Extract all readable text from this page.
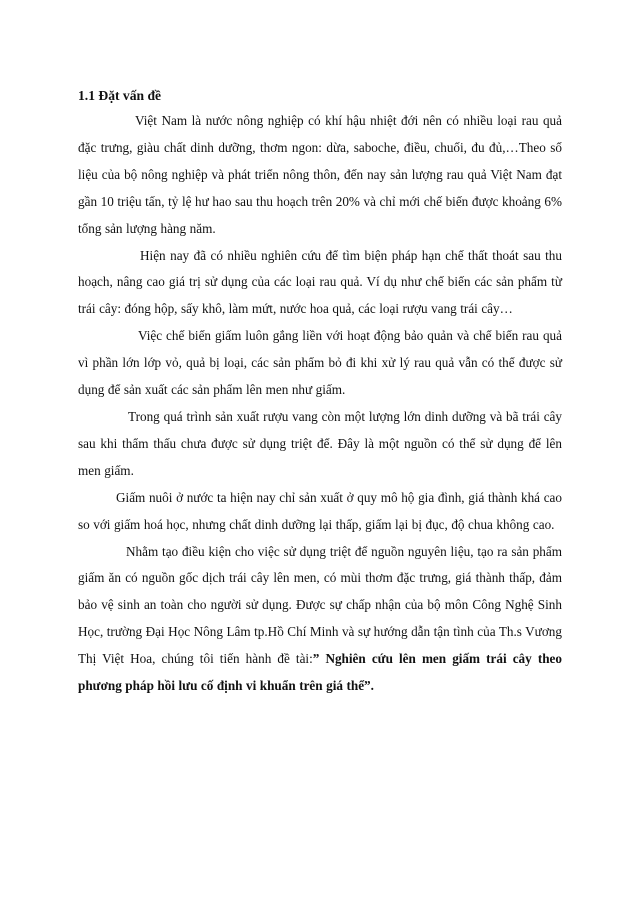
1.1 Đặt vấn đề

Việt Nam là nước nông nghiệp có khí hậu nhiệt đới nên có nhiều loại rau quả đặc trưng, giàu chất dinh dưỡng, thơm ngon: dừa, saboche, điều, chuối, đu đủ,…Theo số liệu của bộ nông nghiệp và phát triển nông thôn, đến nay sản lượng rau quả Việt Nam đạt gần 10 triệu tấn, tỷ lệ hư hao sau thu hoạch trên 20% và chỉ mới chế biến được khoảng 6% tổng sản lượng hàng năm.

Hiện nay đã có nhiều nghiên cứu để tìm biện pháp hạn chế thất thoát sau thu hoạch, nâng cao giá trị sử dụng của các loại rau quả. Ví dụ như chế biến các sản phẩm từ trái cây: đóng hộp, sấy khô, làm mứt, nước hoa quả, các loại rượu vang trái cây…

Việc chế biến giấm luôn gắng liền với hoạt động bảo quản và chế biến rau quả vì phần lớn lớp vỏ, quả bị loại, các sản phẩm bỏ đi khi xử lý rau quả vẫn có thể được sử dụng để sản xuất các sản phẩm lên men như giấm.

Trong quá trình sản xuất rượu vang còn một lượng lớn dinh dưỡng và bã trái cây sau khi thẩm thấu chưa được sử dụng triệt để. Đây là một nguồn có thể sử dụng để lên men giấm.

Giấm nuôi ở nước ta hiện nay chỉ sản xuất ở quy mô hộ gia đình, giá thành khá cao so với giấm hoá học, nhưng chất dinh dưỡng lại thấp, giấm lại bị đục, độ chua không cao.

Nhằm tạo điều kiện cho việc sử dụng triệt để nguồn nguyên liệu, tạo ra sản phẩm giấm ăn có nguồn gốc dịch trái cây lên men, có mùi thơm đặc trưng, giá thành thấp, đảm bảo vệ sinh an toàn cho người sử dụng. Được sự chấp nhận của bộ môn Công Nghệ Sinh Học, trường Đại Học Nông Lâm tp.Hồ Chí Minh và sự hướng dẫn tận tình của Th.s Vương Thị Việt Hoa, chúng tôi tiến hành đề tài:” Nghiên cứu lên men giấm trái cây theo phương pháp hồi lưu cố định vi khuẩn trên giá thể”.
